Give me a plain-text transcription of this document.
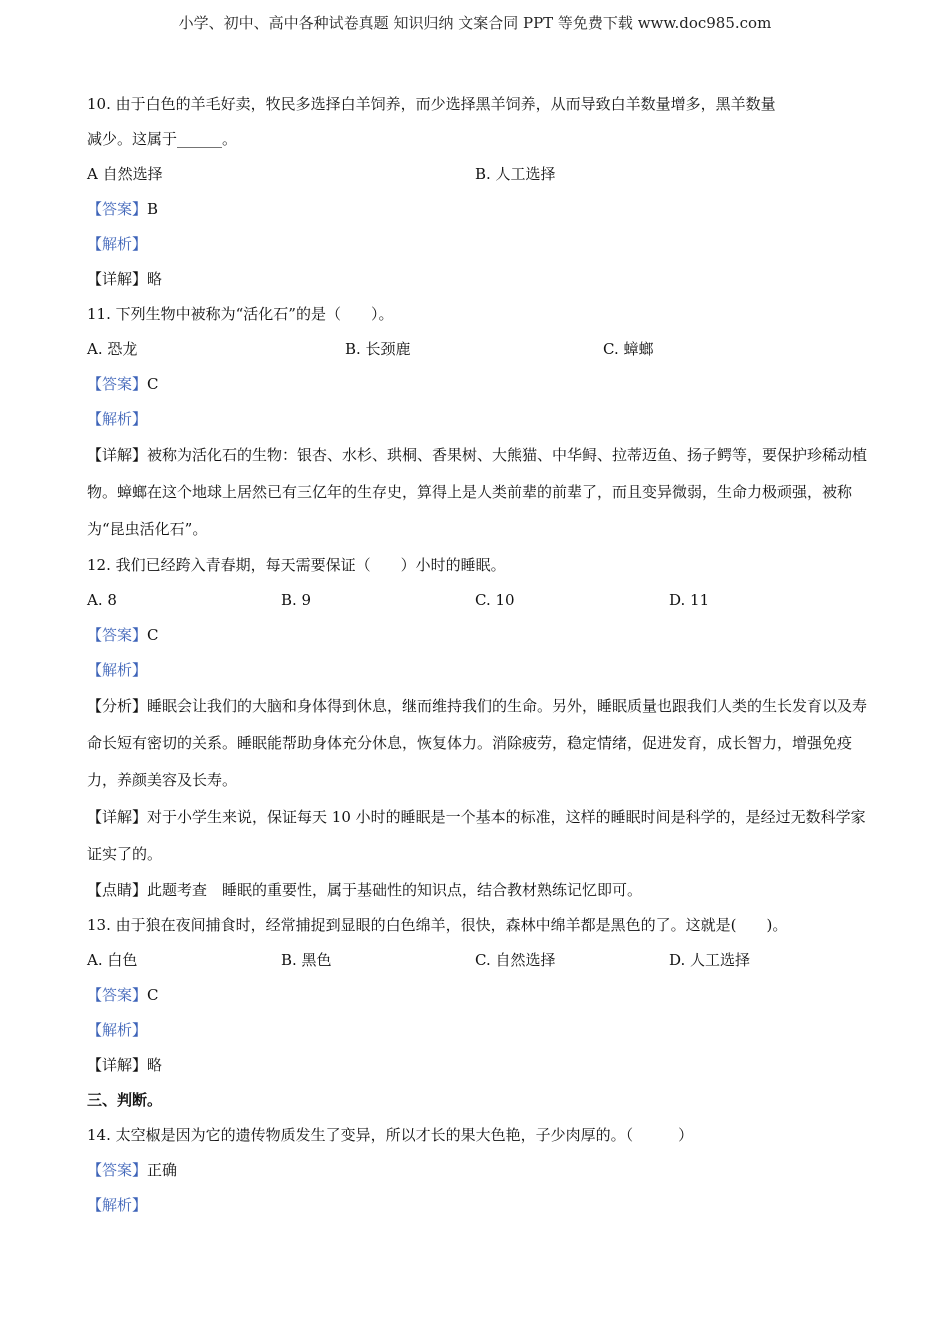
小学、初中、高中各种试卷真题 知识归纳 文案合同 PPT 等免费下载 www.doc985.com
10. 由于白色的羊毛好卖，牧民多选择白羊饲养，而少选择黑羊饲养，从而导致白羊数量增多，黑羊数量
减少。这属于______。
A 自然选择	B. 人工选择
【答案】B
【解析】
【详解】略
11. 下列生物中被称为“活化石”的是（　　）。
A. 恐龙	B. 长颈鹿	C. 蟑螂
【答案】C
【解析】
【详解】被称为活化石的生物：银杏、水杉、珙桐、香果树、大熊猫、中华鲟、拉蒂迈鱼、扬子鳄等，要保护珍稀动植物。蟑螂在这个地球上居然已有三亿年的生存史，算得上是人类前辈的前辈了，而且变异微弱，生命力极顽强，被称为“昆虫活化石”。
12. 我们已经跨入青春期，每天需要保证（　　）小时的睡眠。
A. 8	B. 9	C. 10	D. 11
【答案】C
【解析】
【分析】睡眠会让我们的大脑和身体得到休息，继而维持我们的生命。另外，睡眠质量也跟我们人类的生长发育以及寿命长短有密切的关系。睡眠能帮助身体充分休息，恢复体力。消除疲劳，稳定情绪，促进发育，成长智力，增强免疫力，养颜美容及长寿。
【详解】对于小学生来说，保证每天 10 小时的睡眠是一个基本的标准，这样的睡眠时间是科学的，是经过无数科学家证实了的。
【点睛】此题考查　睡眠的重要性，属于基础性的知识点，结合教材熟练记忆即可。
13. 由于狼在夜间捕食时，经常捕捉到显眼的白色绵羊，很快，森林中绵羊都是黑色的了。这就是(　　)。
A. 白色	B. 黑色	C. 自然选择	D. 人工选择
【答案】C
【解析】
【详解】略
三、判断。
14. 太空椒是因为它的遗传物质发生了变异，所以才长的果大色艳，子少肉厚的。（　　　）
【答案】正确
【解析】
